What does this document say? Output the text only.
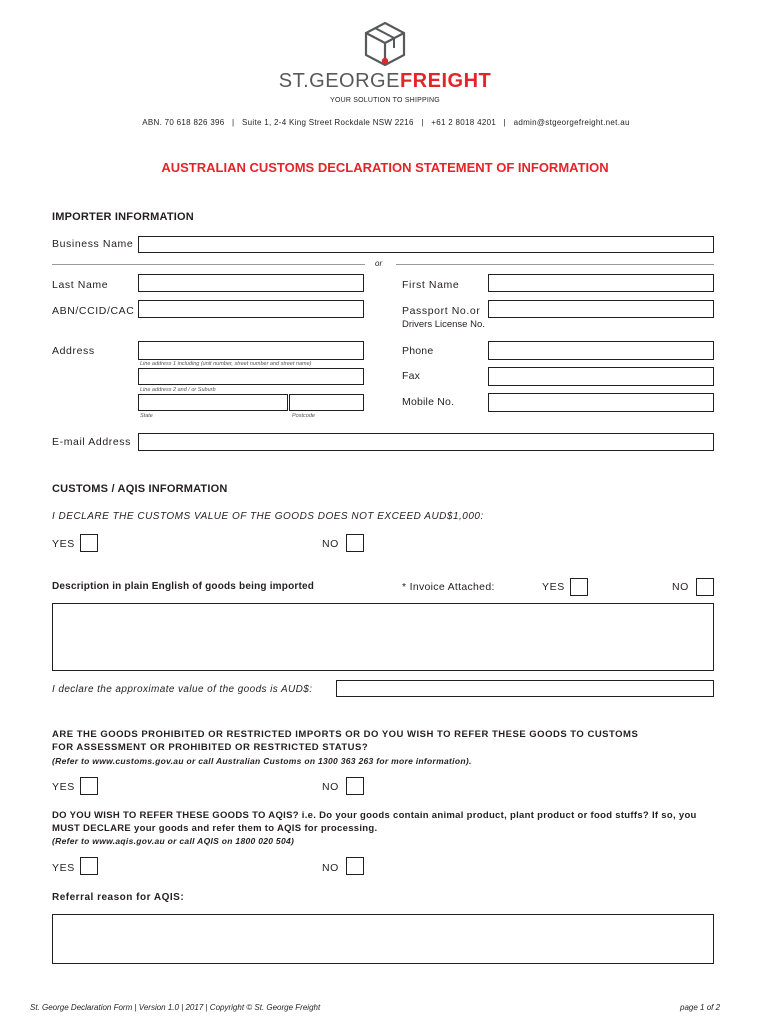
ST.GEORGEFREIGHT
YOUR SOLUTION TO SHIPPING
ABN. 70 618 826 396   |   Suite 1, 2-4 King Street Rockdale NSW 2216   |   +61 2 8018 4201   |   admin@stgeorgefreight.net.au
AUSTRALIAN CUSTOMS DECLARATION STATEMENT OF INFORMATION
IMPORTER INFORMATION
Business Name
or
Last Name	First Name
ABN/CCID/CAC	Passport No.or
Drivers License No.
Address
Line address 1 including (unit number, street number and street name)
Line address 2 and / or Suburb
State	Postcode
Phone
Fax
Mobile No.
E-mail Address
CUSTOMS / AQIS INFORMATION
I DECLARE THE CUSTOMS VALUE OF THE GOODS DOES NOT EXCEED AUD$1,000:
YES	NO
Description in plain English of goods being imported	* Invoice Attached:	YES	NO
I declare the approximate value of the goods is AUD$:
ARE THE GOODS PROHIBITED OR RESTRICTED IMPORTS OR DO YOU WISH TO REFER THESE GOODS TO CUSTOMS
FOR ASSESSMENT OR PROHIBITED OR RESTRICTED STATUS?
(Refer to www.customs.gov.au or call Australian Customs on 1300 363 263 for more information).
YES	NO
DO YOU WISH TO REFER THESE GOODS TO AQIS? i.e. Do your goods contain animal product, plant product or food stuffs? If so, you
MUST DECLARE your goods and refer them to AQIS for processing.
(Refer to www.aqis.gov.au or call AQIS on 1800 020 504)
YES	NO
Referral reason for AQIS:
St. George Declaration Form | Version 1.0 | 2017 | Copyright © St. George Freight	page 1 of 2
